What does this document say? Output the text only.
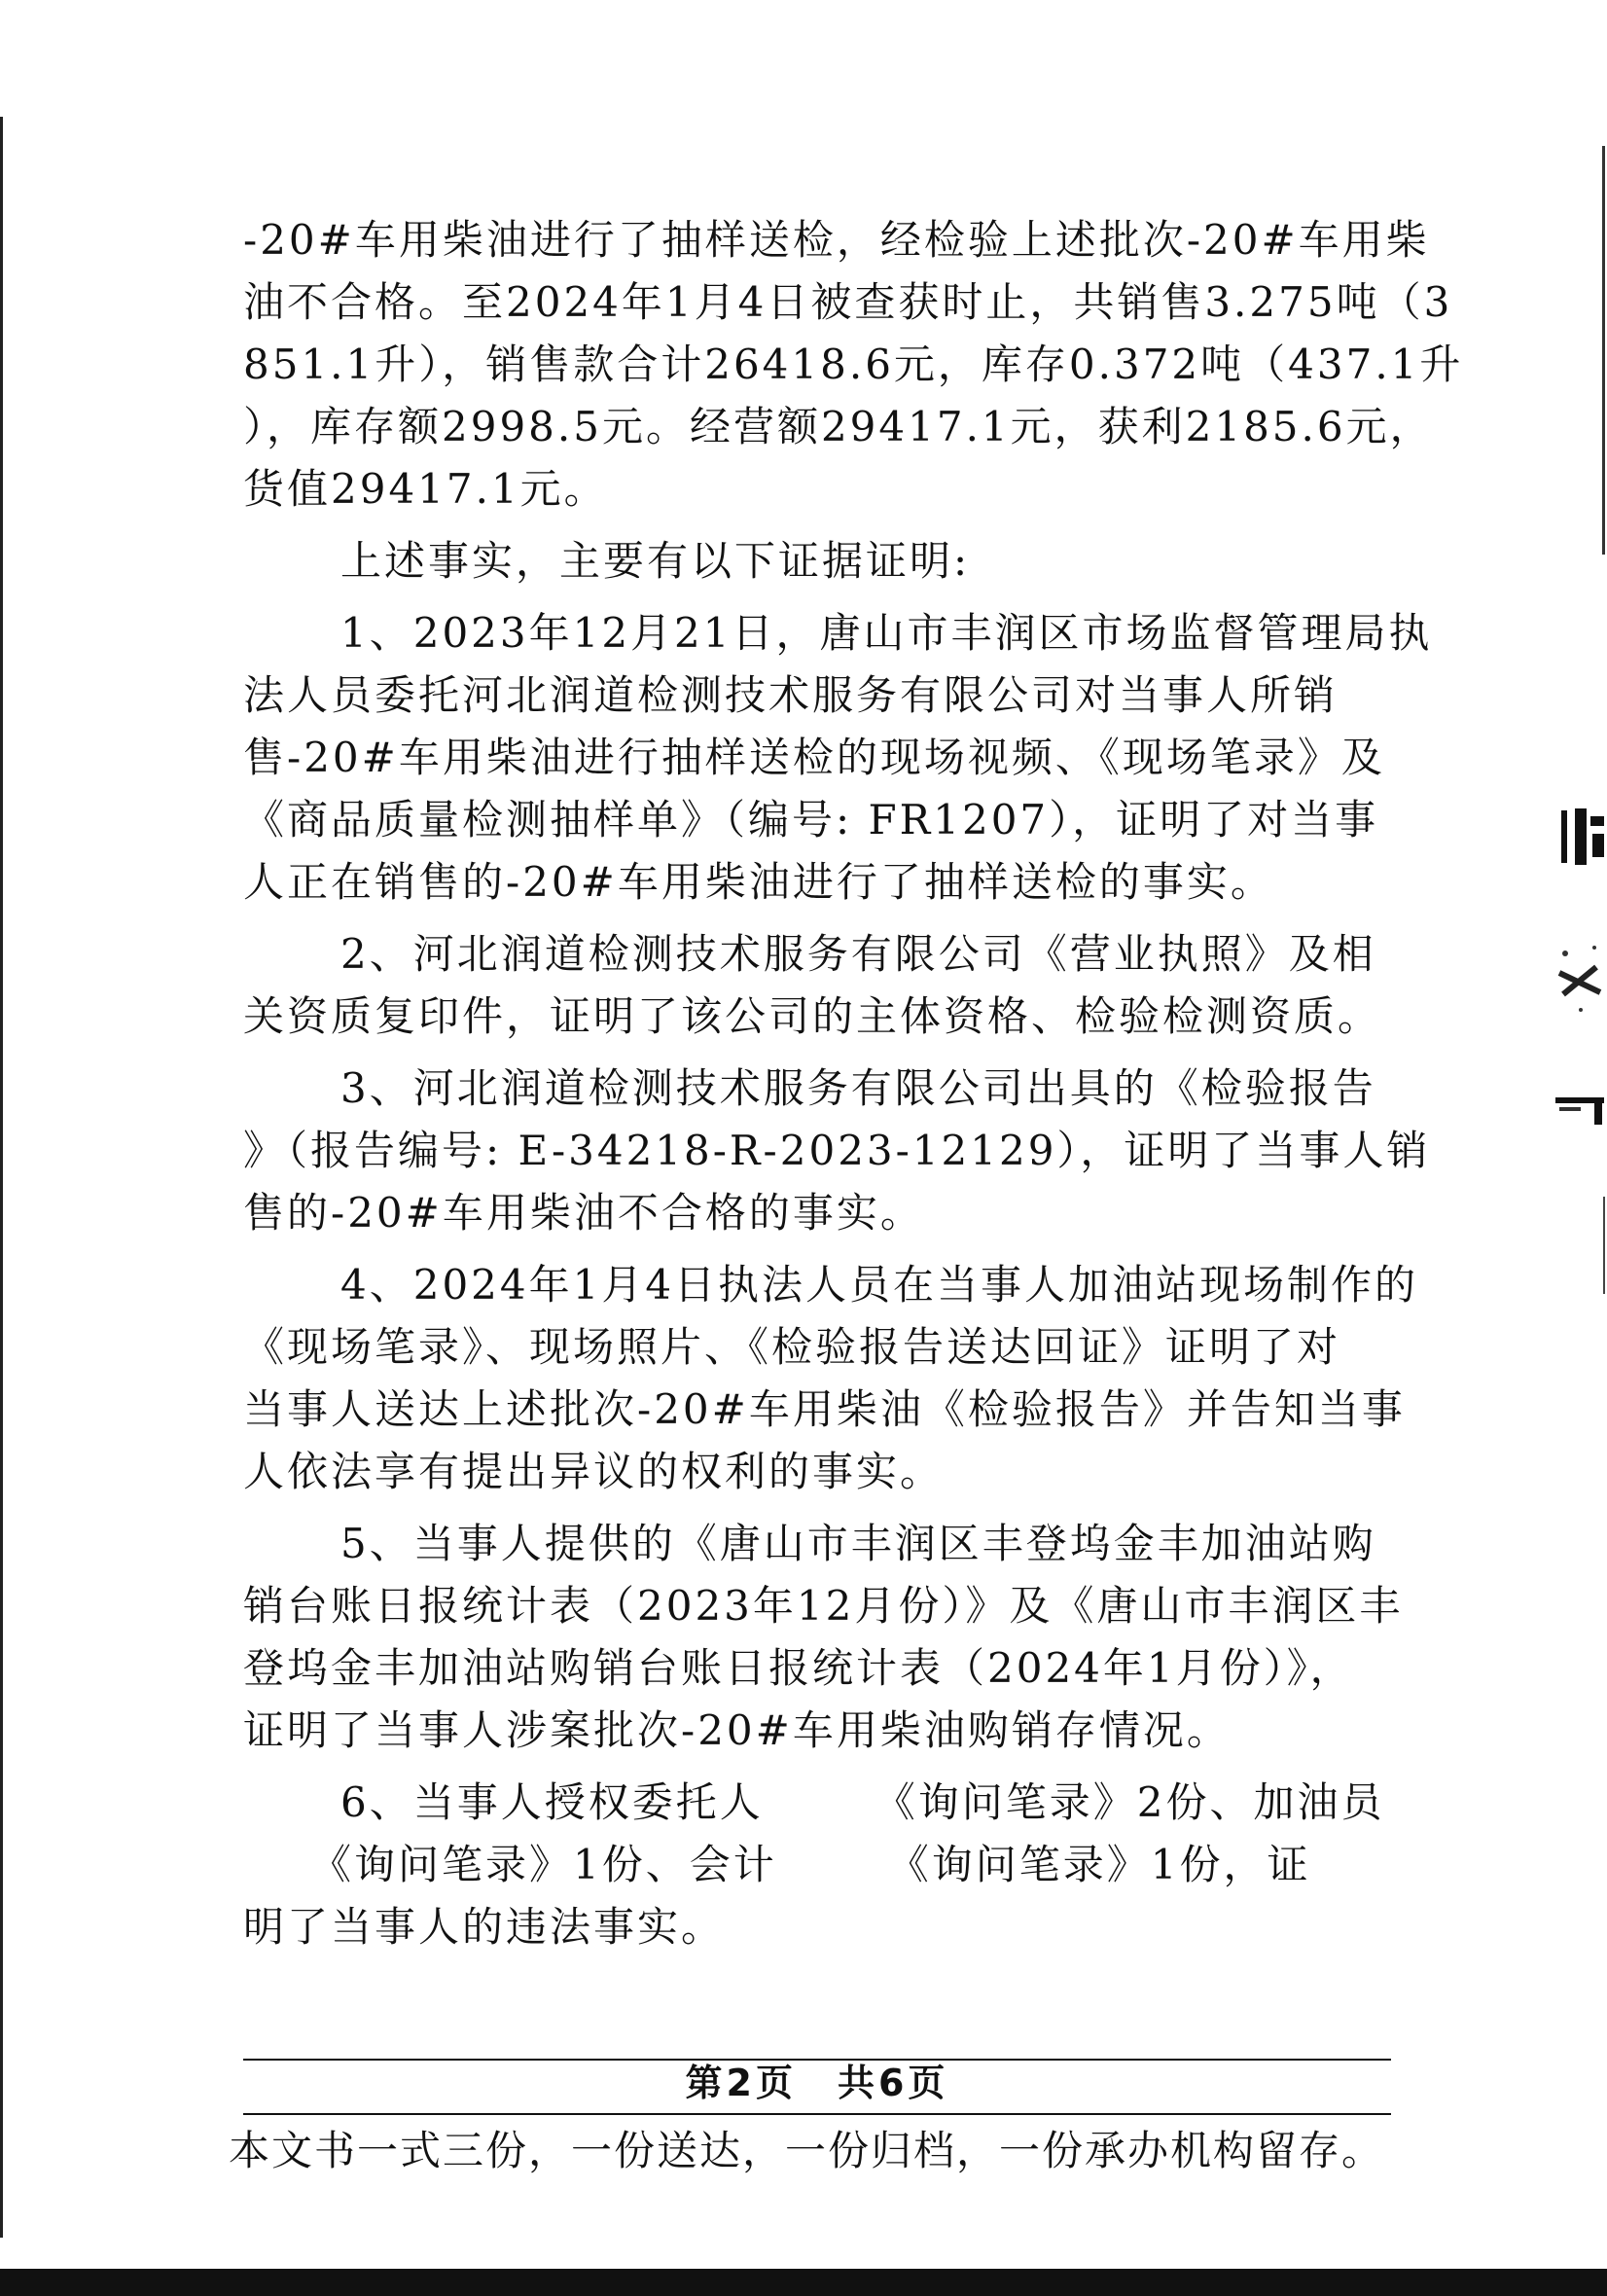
-20#车用柴油进行了抽样送检，经检验上述批次-20#车用柴
油不合格。至2024年1月4日被查获时止，共销售3.275吨（3
851.1升），销售款合计26418.6元，库存0.372吨（437.1升
），库存额2998.5元。经营额29417.1元，获利2185.6元，
货值29417.1元。
上述事实，主要有以下证据证明:
1、2023年12月21日，唐山市丰润区市场监督管理局执
法人员委托河北润道检测技术服务有限公司对当事人所销
售-20#车用柴油进行抽样送检的现场视频、《现场笔录》及
《商品质量检测抽样单》（编号: FR1207），证明了对当事
人正在销售的-20#车用柴油进行了抽样送检的事实。
2、河北润道检测技术服务有限公司《营业执照》及相
关资质复印件，证明了该公司的主体资格、检验检测资质。
3、河北润道检测技术服务有限公司出具的《检验报告
》（报告编号: E-34218-R-2023-12129），证明了当事人销
售的-20#车用柴油不合格的事实。
4、2024年1月4日执法人员在当事人加油站现场制作的
《现场笔录》、现场照片、《检验报告送达回证》证明了对
当事人送达上述批次-20#车用柴油《检验报告》并告知当事
人依法享有提出异议的权利的事实。
5、当事人提供的《唐山市丰润区丰登坞金丰加油站购
销台账日报统计表（2023年12月份）》及《唐山市丰润区丰
登坞金丰加油站购销台账日报统计表（2024年1月份）》，
证明了当事人涉案批次-20#车用柴油购销存情况。
6、当事人授权委托人　　　《询问笔录》2份、加油员
　　《询问笔录》1份、会计　　　《询问笔录》1份，证
明了当事人的违法事实。
第2页　共6页
本文书一式三份，一份送达，一份归档，一份承办机构留存。
